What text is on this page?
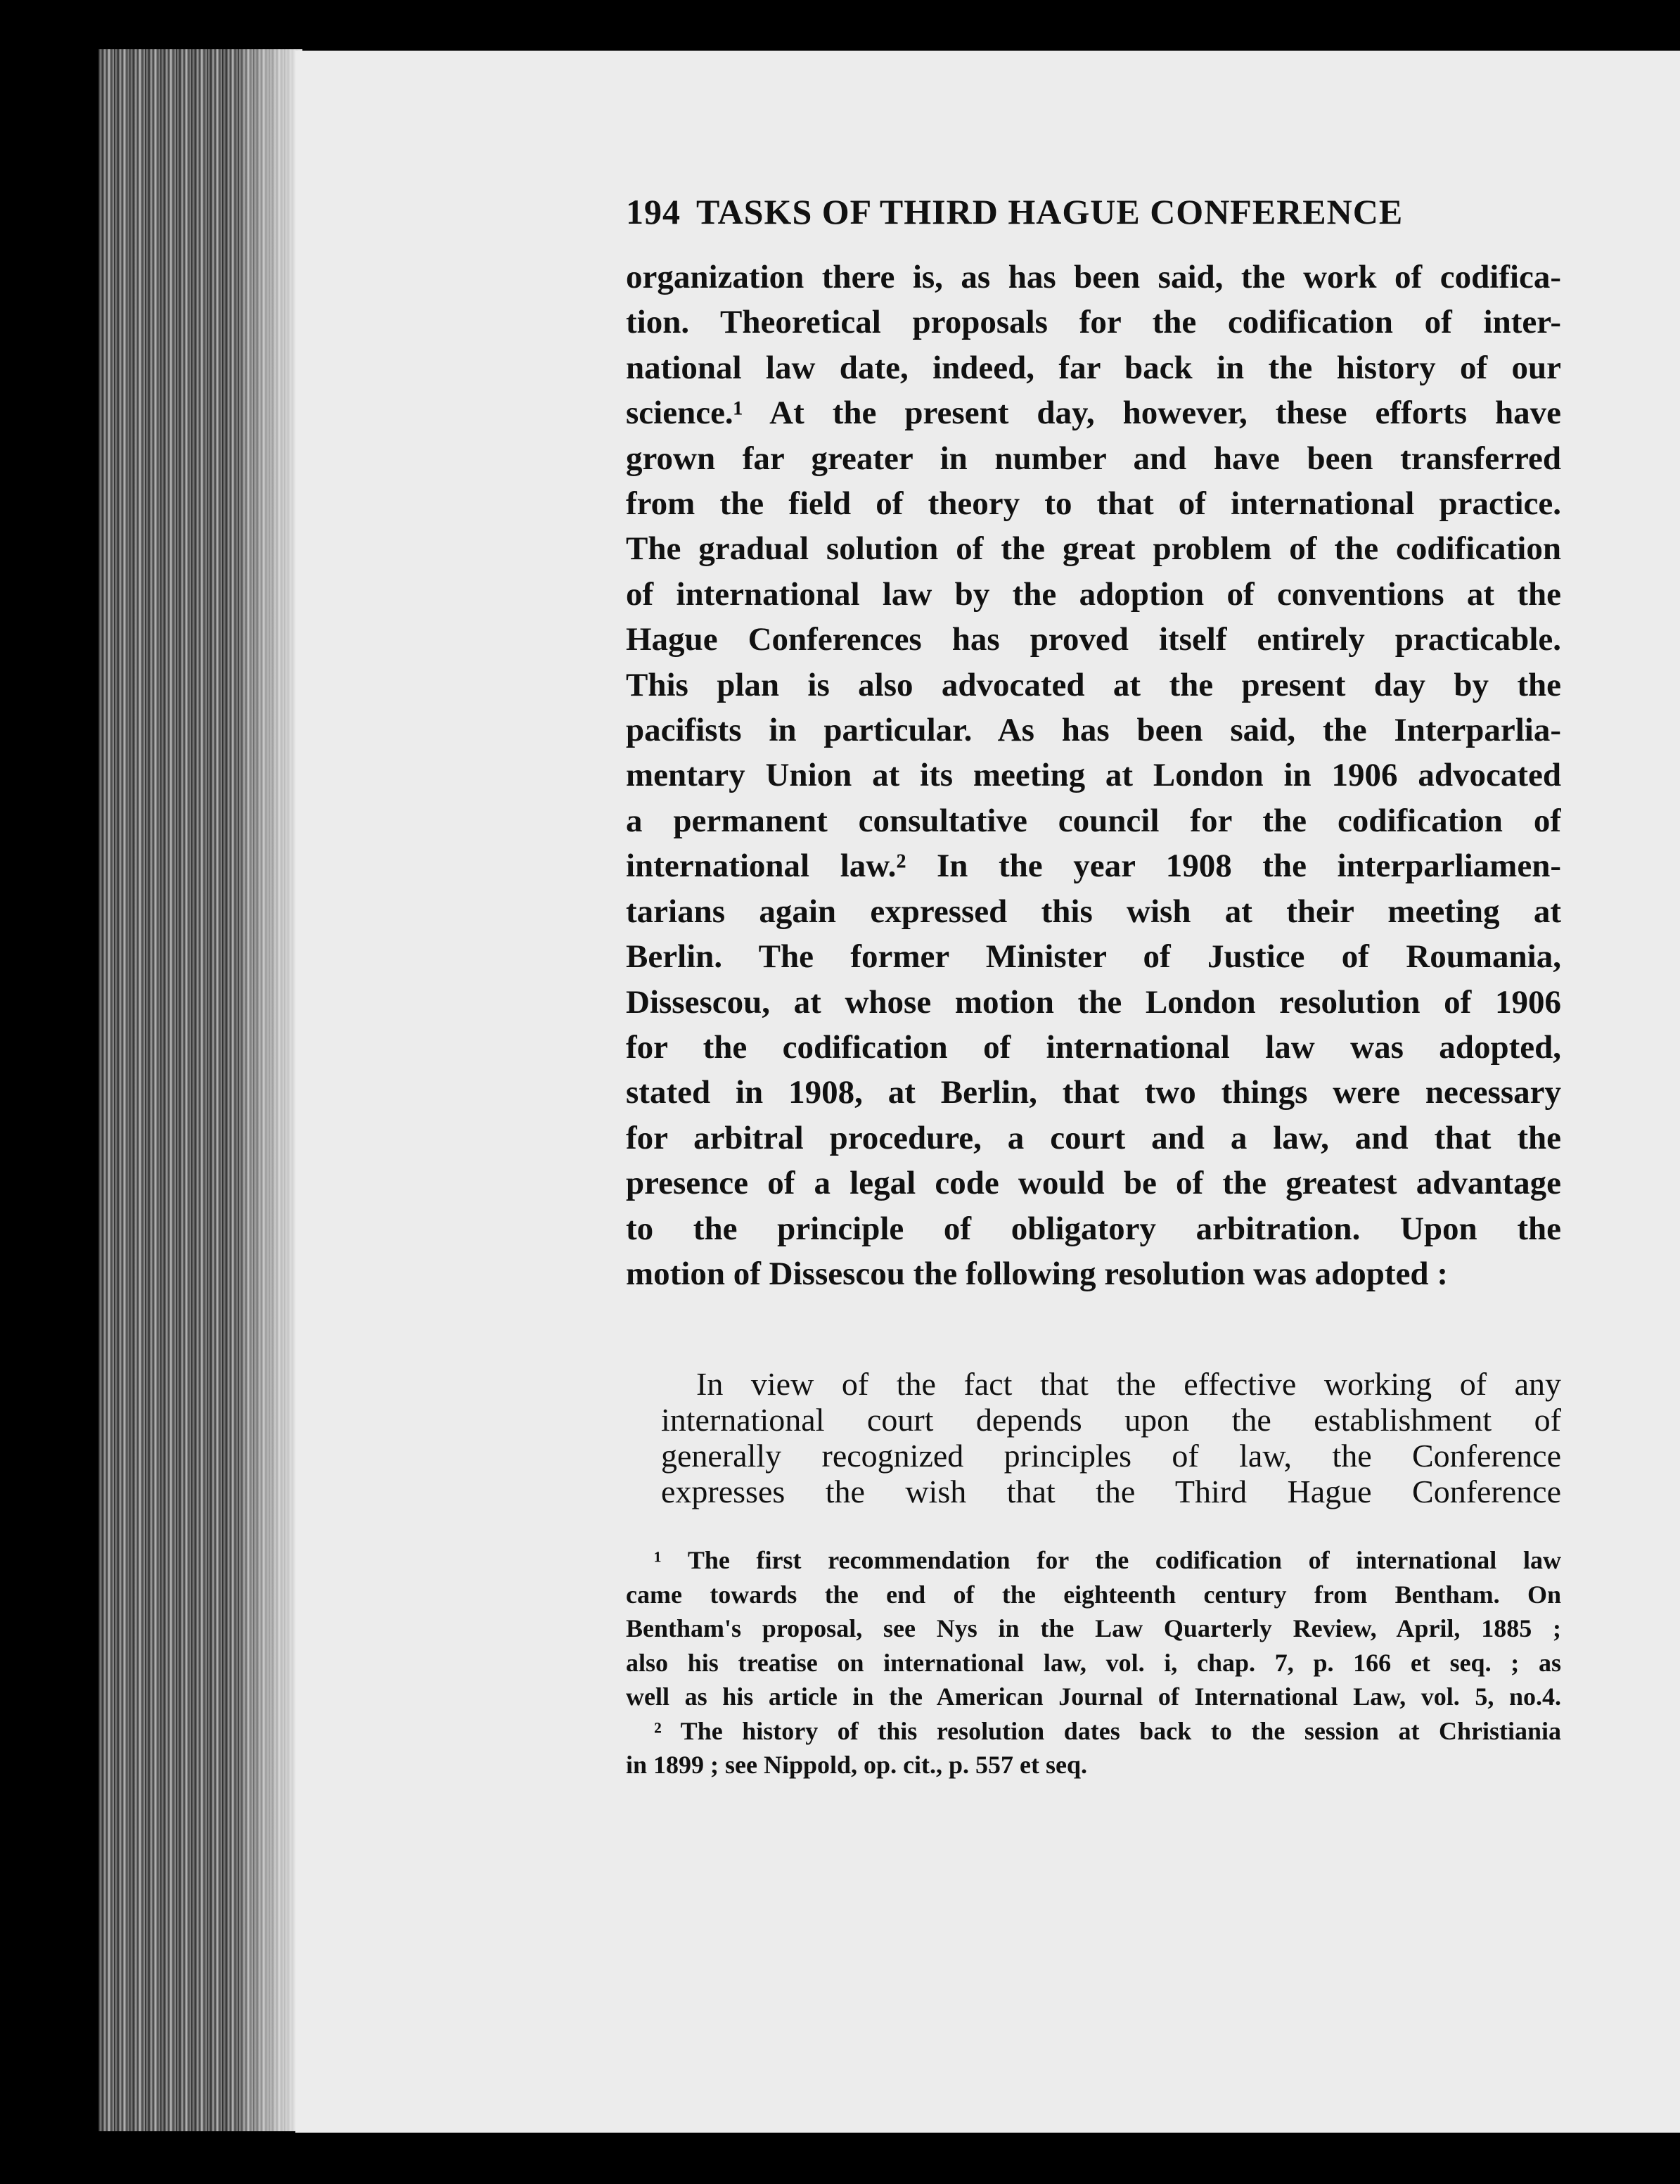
194 TASKS OF THIRD HAGUE CONFERENCE
organization there is, as has been said, the work of codifica-
tion. Theoretical proposals for the codification of inter-
national law date, indeed, far back in the history of our
science.¹ At the present day, however, these efforts have
grown far greater in number and have been transferred
from the field of theory to that of international practice.
The gradual solution of the great problem of the codification
of international law by the adoption of conventions at the
Hague Conferences has proved itself entirely practicable.
This plan is also advocated at the present day by the
pacifists in particular. As has been said, the Interparlia-
mentary Union at its meeting at London in 1906 advocated
a permanent consultative council for the codification of
international law.² In the year 1908 the interparliamen-
tarians again expressed this wish at their meeting at
Berlin. The former Minister of Justice of Roumania,
Dissescou, at whose motion the London resolution of 1906
for the codification of international law was adopted,
stated in 1908, at Berlin, that two things were necessary
for arbitral procedure, a court and a law, and that the
presence of a legal code would be of the greatest advantage
to the principle of obligatory arbitration. Upon the
motion of Dissescou the following resolution was adopted :
In view of the fact that the effective working of any
international court depends upon the establishment of
generally recognized principles of law, the Conference
expresses the wish that the Third Hague Conference
¹ The first recommendation for the codification of international law
came towards the end of the eighteenth century from Bentham. On
Bentham's proposal, see Nys in the Law Quarterly Review, April, 1885 ;
also his treatise on international law, vol. i, chap. 7, p. 166 et seq. ; as
well as his article in the American Journal of International Law, vol. 5, no.4.
² The history of this resolution dates back to the session at Christiania
in 1899 ; see Nippold, op. cit., p. 557 et seq.
